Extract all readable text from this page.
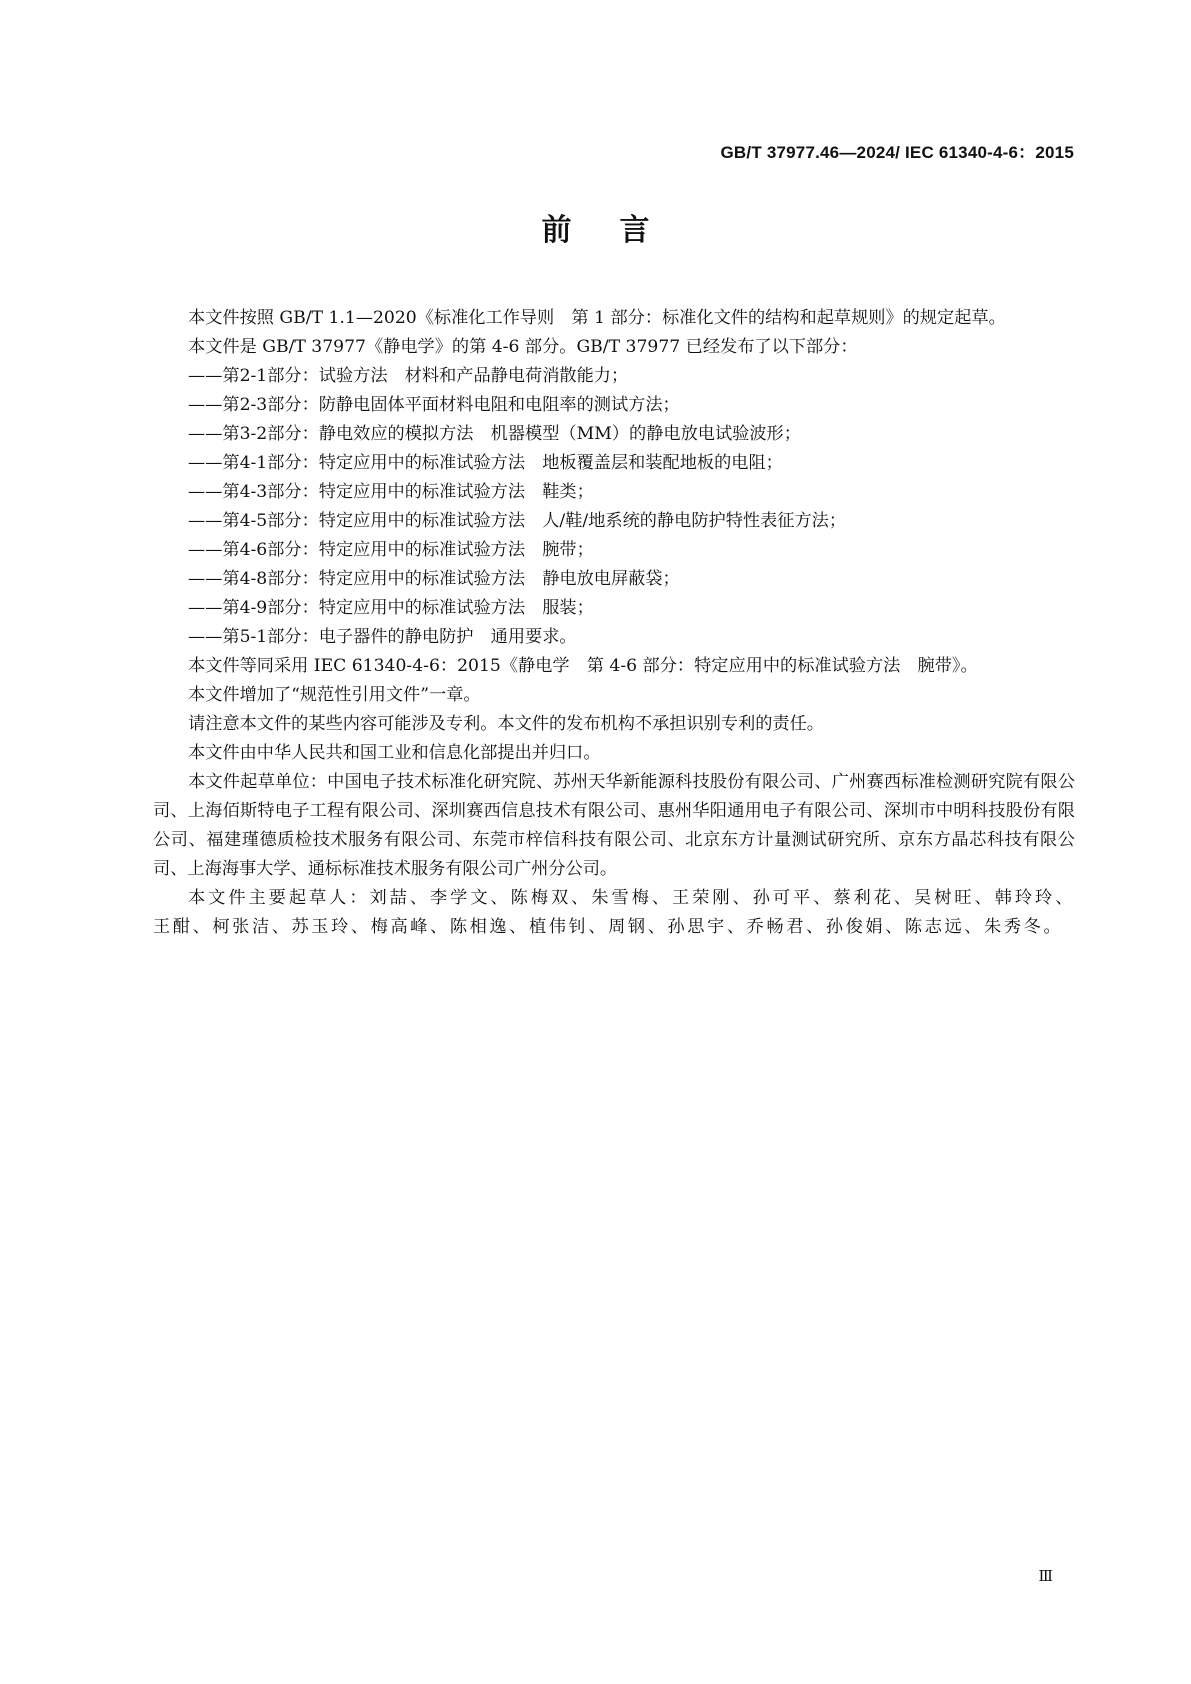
GB/T 37977.46—2024/ IEC 61340-4-6：2015
前言

本文件按照 GB/T 1.1—2020《标准化工作导则　第 1 部分：标准化文件的结构和起草规则》的规定起草。

本文件是 GB/T 37977《静电学》的第 4-6 部分。GB/T 37977 已经发布了以下部分：

——第2-1部分：试验方法　材料和产品静电荷消散能力；
——第2-3部分：防静电固体平面材料电阻和电阻率的测试方法；
——第3-2部分：静电效应的模拟方法　机器模型（MM）的静电放电试验波形；
——第4-1部分：特定应用中的标准试验方法　地板覆盖层和装配地板的电阻；
——第4-3部分：特定应用中的标准试验方法　鞋类；
——第4-5部分：特定应用中的标准试验方法　人/鞋/地系统的静电防护特性表征方法；
——第4-6部分：特定应用中的标准试验方法　腕带；
——第4-8部分：特定应用中的标准试验方法　静电放电屏蔽袋；
——第4-9部分：特定应用中的标准试验方法　服装；
——第5-1部分：电子器件的静电防护　通用要求。

本文件等同采用 IEC 61340-4-6：2015《静电学　第 4-6 部分：特定应用中的标准试验方法　腕带》。

本文件增加了“规范性引用文件”一章。

请注意本文件的某些内容可能涉及专利。本文件的发布机构不承担识别专利的责任。

本文件由中华人民共和国工业和信息化部提出并归口。

本文件起草单位：中国电子技术标准化研究院、苏州天华新能源科技股份有限公司、广州赛西标准检测研究院有限公司、上海佰斯特电子工程有限公司、深圳赛西信息技术有限公司、惠州华阳通用电子有限公司、深圳市中明科技股份有限公司、福建瑾德质检技术服务有限公司、东莞市梓信科技有限公司、北京东方计量测试研究所、京东方晶芯科技有限公司、上海海事大学、通标标准技术服务有限公司广州分公司。

本文件主要起草人：刘喆、李学文、陈梅双、朱雪梅、王荣刚、孙可平、蔡利花、吴树旺、韩玲玲、王酣、柯张洁、苏玉玲、梅高峰、陈相逸、植伟钊、周钢、孙思宇、乔畅君、孙俊娟、陈志远、朱秀冬。

Ⅲ
